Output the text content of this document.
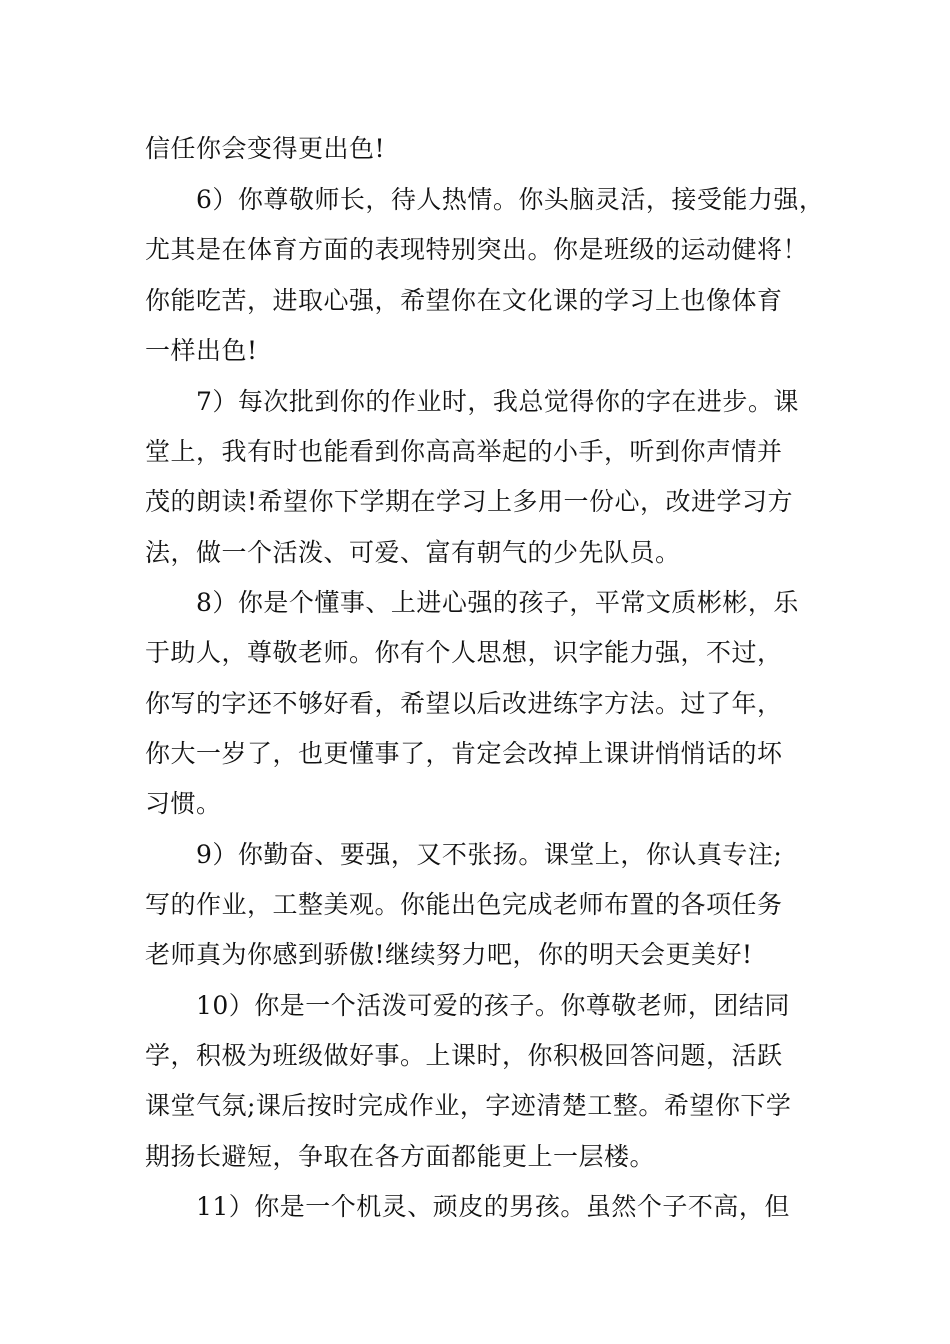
信任你会变得更出色!
6）你尊敬师长，待人热情。你头脑灵活，接受能力强，
尤其是在体育方面的表现特别突出。你是班级的运动健将！
你能吃苦，进取心强，希望你在文化课的学习上也像体育
一样出色!
7）每次批到你的作业时，我总觉得你的字在进步。课
堂上，我有时也能看到你高高举起的小手，听到你声情并
茂的朗读!希望你下学期在学习上多用一份心，改进学习方
法，做一个活泼、可爱、富有朝气的少先队员。
8）你是个懂事、上进心强的孩子，平常文质彬彬，乐
于助人，尊敬老师。你有个人思想，识字能力强，不过，
你写的字还不够好看，希望以后改进练字方法。过了年，
你大一岁了，也更懂事了，肯定会改掉上课讲悄悄话的坏
习惯。
9）你勤奋、要强，又不张扬。课堂上，你认真专注;
写的作业，工整美观。你能出色完成老师布置的各项任务
老师真为你感到骄傲!继续努力吧，你的明天会更美好!
10）你是一个活泼可爱的孩子。你尊敬老师，团结同
学，积极为班级做好事。上课时，你积极回答问题，活跃
课堂气氛;课后按时完成作业，字迹清楚工整。希望你下学
期扬长避短，争取在各方面都能更上一层楼。
11）你是一个机灵、顽皮的男孩。虽然个子不高，但
